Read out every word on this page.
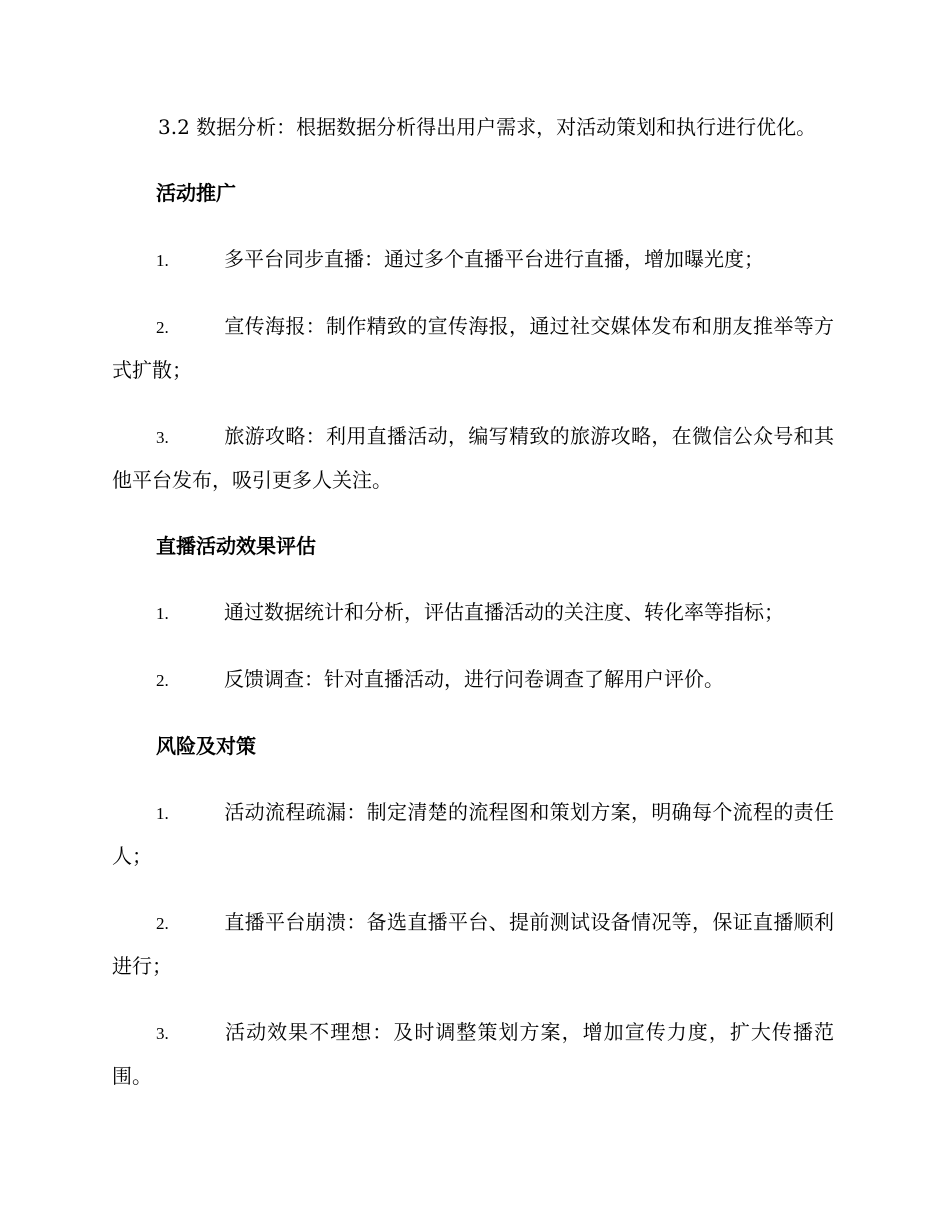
3.2 数据分析：根据数据分析得出用户需求，对活动策划和执行进行优化。

活动推广
1.	多平台同步直播：通过多个直播平台进行直播，增加曝光度；
2.	宣传海报：制作精致的宣传海报，通过社交媒体发布和朋友推举等方式扩散；
3.	旅游攻略：利用直播活动，编写精致的旅游攻略，在微信公众号和其他平台发布，吸引更多人关注。
直播活动效果评估
1.	通过数据统计和分析，评估直播活动的关注度、转化率等指标；
2.	反馈调查：针对直播活动，进行问卷调查了解用户评价。
风险及对策
1.	活动流程疏漏：制定清楚的流程图和策划方案，明确每个流程的责任人；
2.	直播平台崩溃：备选直播平台、提前测试设备情况等，保证直播顺利进行；
3.	活动效果不理想：及时调整策划方案，增加宣传力度，扩大传播范围。
